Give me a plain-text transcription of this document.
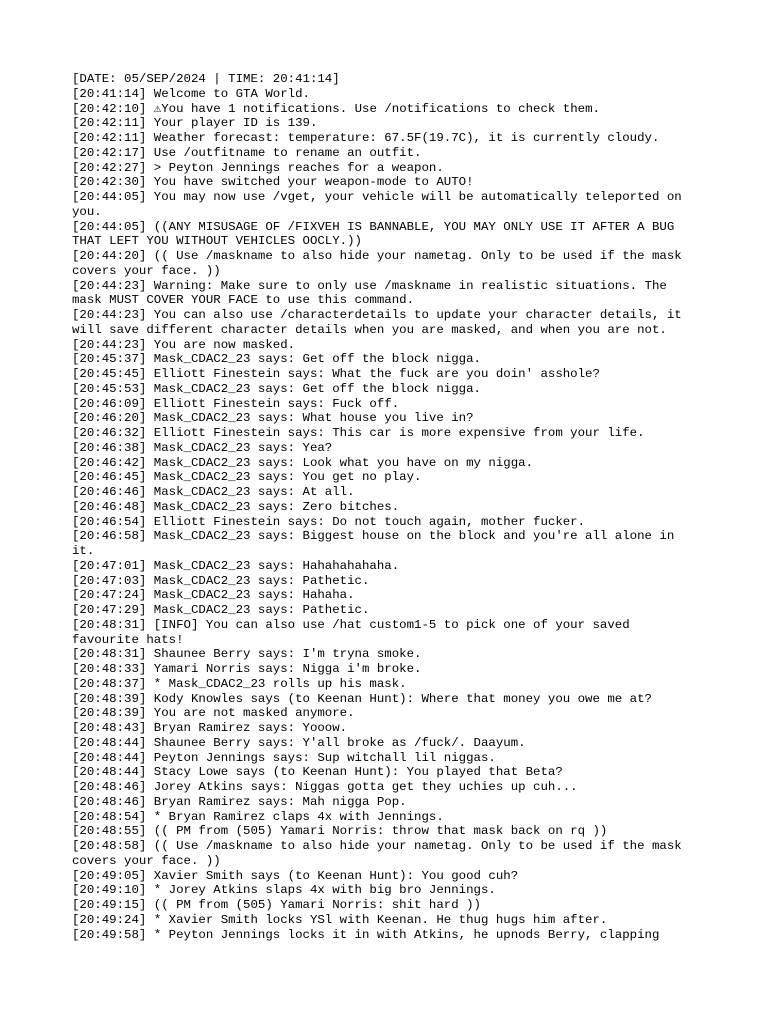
[DATE: 05/SEP/2024 | TIME: 20:41:14]
[20:41:14] Welcome to GTA World.
[20:42:10] ⚠You have 1 notifications. Use /notifications to check them.
[20:42:11] Your player ID is 139.
[20:42:11] Weather forecast: temperature: 67.5F(19.7C), it is currently cloudy.
[20:42:17] Use /outfitname to rename an outfit.
[20:42:27] > Peyton Jennings reaches for a weapon.
[20:42:30] You have switched your weapon-mode to AUTO!
[20:44:05] You may now use /vget, your vehicle will be automatically teleported on you.
[20:44:05] ((ANY MISUSAGE OF /FIXVEH IS BANNABLE, YOU MAY ONLY USE IT AFTER A BUG THAT LEFT YOU WITHOUT VEHICLES OOCLY.))
[20:44:20] (( Use /maskname to also hide your nametag. Only to be used if the mask covers your face. ))
[20:44:23] Warning: Make sure to only use /maskname in realistic situations. The mask MUST COVER YOUR FACE to use this command.
[20:44:23] You can also use /characterdetails to update your character details, it will save different character details when you are masked, and when you are not.
[20:44:23] You are now masked.
[20:45:37] Mask_CDAC2_23 says: Get off the block nigga.
[20:45:45] Elliott Finestein says: What the fuck are you doin' asshole?
[20:45:53] Mask_CDAC2_23 says: Get off the block nigga.
[20:46:09] Elliott Finestein says: Fuck off.
[20:46:20] Mask_CDAC2_23 says: What house you live in?
[20:46:32] Elliott Finestein says: This car is more expensive from your life.
[20:46:38] Mask_CDAC2_23 says: Yea?
[20:46:42] Mask_CDAC2_23 says: Look what you have on my nigga.
[20:46:45] Mask_CDAC2_23 says: You get no play.
[20:46:46] Mask_CDAC2_23 says: At all.
[20:46:48] Mask_CDAC2_23 says: Zero bitches.
[20:46:54] Elliott Finestein says: Do not touch again, mother fucker.
[20:46:58] Mask_CDAC2_23 says: Biggest house on the block and you're all alone in it.
[20:47:01] Mask_CDAC2_23 says: Hahahahahaha.
[20:47:03] Mask_CDAC2_23 says: Pathetic.
[20:47:24] Mask_CDAC2_23 says: Hahaha.
[20:47:29] Mask_CDAC2_23 says: Pathetic.
[20:48:31] [INFO] You can also use /hat custom1-5 to pick one of your saved favourite hats!
[20:48:31] Shaunee Berry says: I'm tryna smoke.
[20:48:33] Yamari Norris says: Nigga i'm broke.
[20:48:37] * Mask_CDAC2_23 rolls up his mask.
[20:48:39] Kody Knowles says (to Keenan Hunt): Where that money you owe me at?
[20:48:39] You are not masked anymore.
[20:48:43] Bryan Ramirez says: Yooow.
[20:48:44] Shaunee Berry says: Y'all broke as /fuck/. Daayum.
[20:48:44] Peyton Jennings says: Sup witchall lil niggas.
[20:48:44] Stacy Lowe says (to Keenan Hunt): You played that Beta?
[20:48:46] Jorey Atkins says: Niggas gotta get they uchies up cuh...
[20:48:46] Bryan Ramirez says: Mah nigga Pop.
[20:48:54] * Bryan Ramirez claps 4x with Jennings.
[20:48:55] (( PM from (505) Yamari Norris: throw that mask back on rq ))
[20:48:58] (( Use /maskname to also hide your nametag. Only to be used if the mask covers your face. ))
[20:49:05] Xavier Smith says (to Keenan Hunt): You good cuh?
[20:49:10] * Jorey Atkins slaps 4x with big bro Jennings.
[20:49:15] (( PM from (505) Yamari Norris: shit hard ))
[20:49:24] * Xavier Smith locks YSl with Keenan. He thug hugs him after.
[20:49:58] * Peyton Jennings locks it in with Atkins, he upnods Berry, clapping
